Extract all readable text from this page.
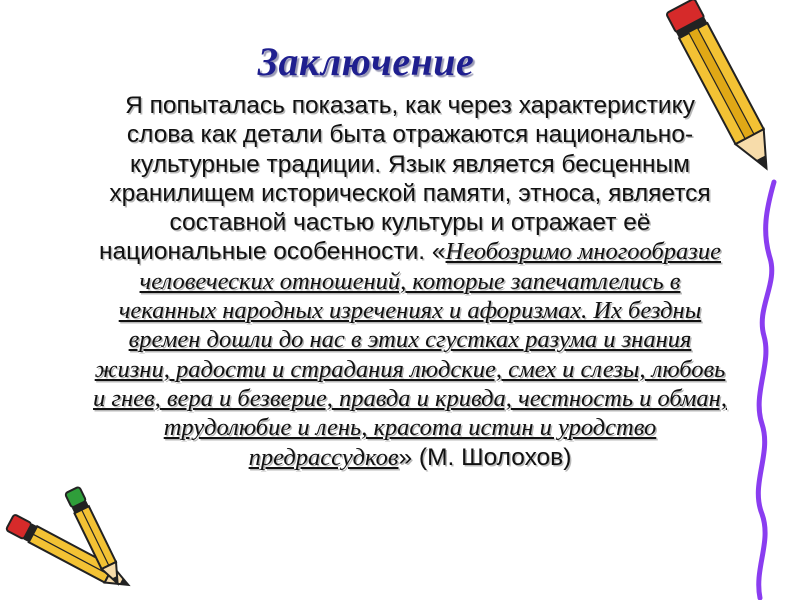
Заключение
Я попыталась показать, как через характеристику слова как детали быта отражаются национально-культурные традиции. Язык является бесценным хранилищем исторической памяти, этноса, является составной частью культуры и отражает её национальные особенности. «Необозримо многообразие человеческих отношений, которые запечатлелись в чеканных народных изречениях и афоризмах. Их бездны времен дошли до нас в этих сгустках разума и знания жизни, радости и страдания людские, смех и слезы, любовь и гнев, вера и безверие, правда и кривда, честность и обман, трудолюбие и лень, красота истин и уродство предрассудков» (М. Шолохов)
